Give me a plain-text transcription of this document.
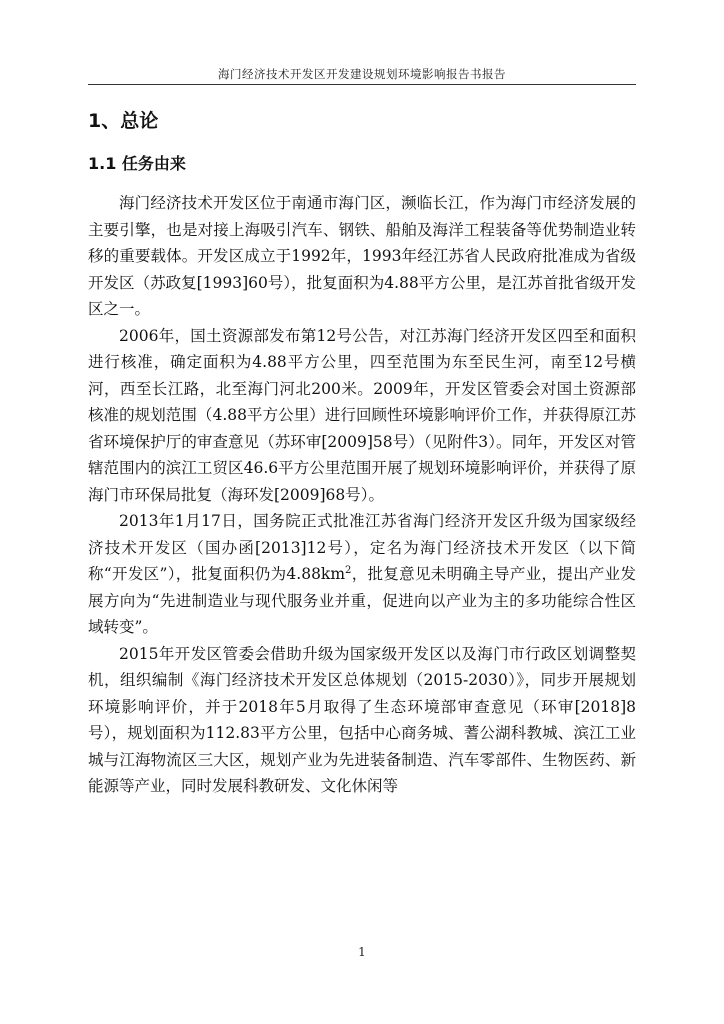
海门经济技术开发区开发建设规划环境影响报告书报告
1、总论
1.1 任务由来

海门经济技术开发区位于南通市海门区，濒临长江，作为海门市经济发展的主要引擎，也是对接上海吸引汽车、钢铁、船舶及海洋工程装备等优势制造业转移的重要载体。开发区成立于1992年，1993年经江苏省人民政府批准成为省级开发区（苏政复[1993]60号），批复面积为4.88平方公里，是江苏首批省级开发区之一。

2006年，国土资源部发布第12号公告，对江苏海门经济开发区四至和面积进行核准，确定面积为4.88平方公里，四至范围为东至民生河，南至12号横河，西至长江路，北至海门河北200米。2009年，开发区管委会对国土资源部核准的规划范围（4.88平方公里）进行回顾性环境影响评价工作，并获得原江苏省环境保护厅的审查意见（苏环审[2009]58号）（见附件3）。同年，开发区对管辖范围内的滨江工贸区46.6平方公里范围开展了规划环境影响评价，并获得了原海门市环保局批复（海环发[2009]68号）。

2013年1月17日，国务院正式批准江苏省海门经济开发区升级为国家级经济技术开发区（国办函[2013]12号），定名为海门经济技术开发区（以下简称“开发区”），批复面积仍为$4.88km^2$，批复意见未明确主导产业，提出产业发展方向为“先进制造业与现代服务业并重，促进向以产业为主的多功能综合性区域转变”。

2015年开发区管委会借助升级为国家级开发区以及海门市行政区划调整契机，组织编制《海门经济技术开发区总体规划（2015-2030）》，同步开展规划环境影响评价，并于2018年5月取得了生态环境部审查意见（环审[2018]8号），规划面积为112.83平方公里，包括中心商务城、蓍公湖科教城、滨江工业城与江海物流区三大区，规划产业为先进装备制造、汽车零部件、生物医药、新能源等产业，同时发展科教研发、文化休闲等

1
